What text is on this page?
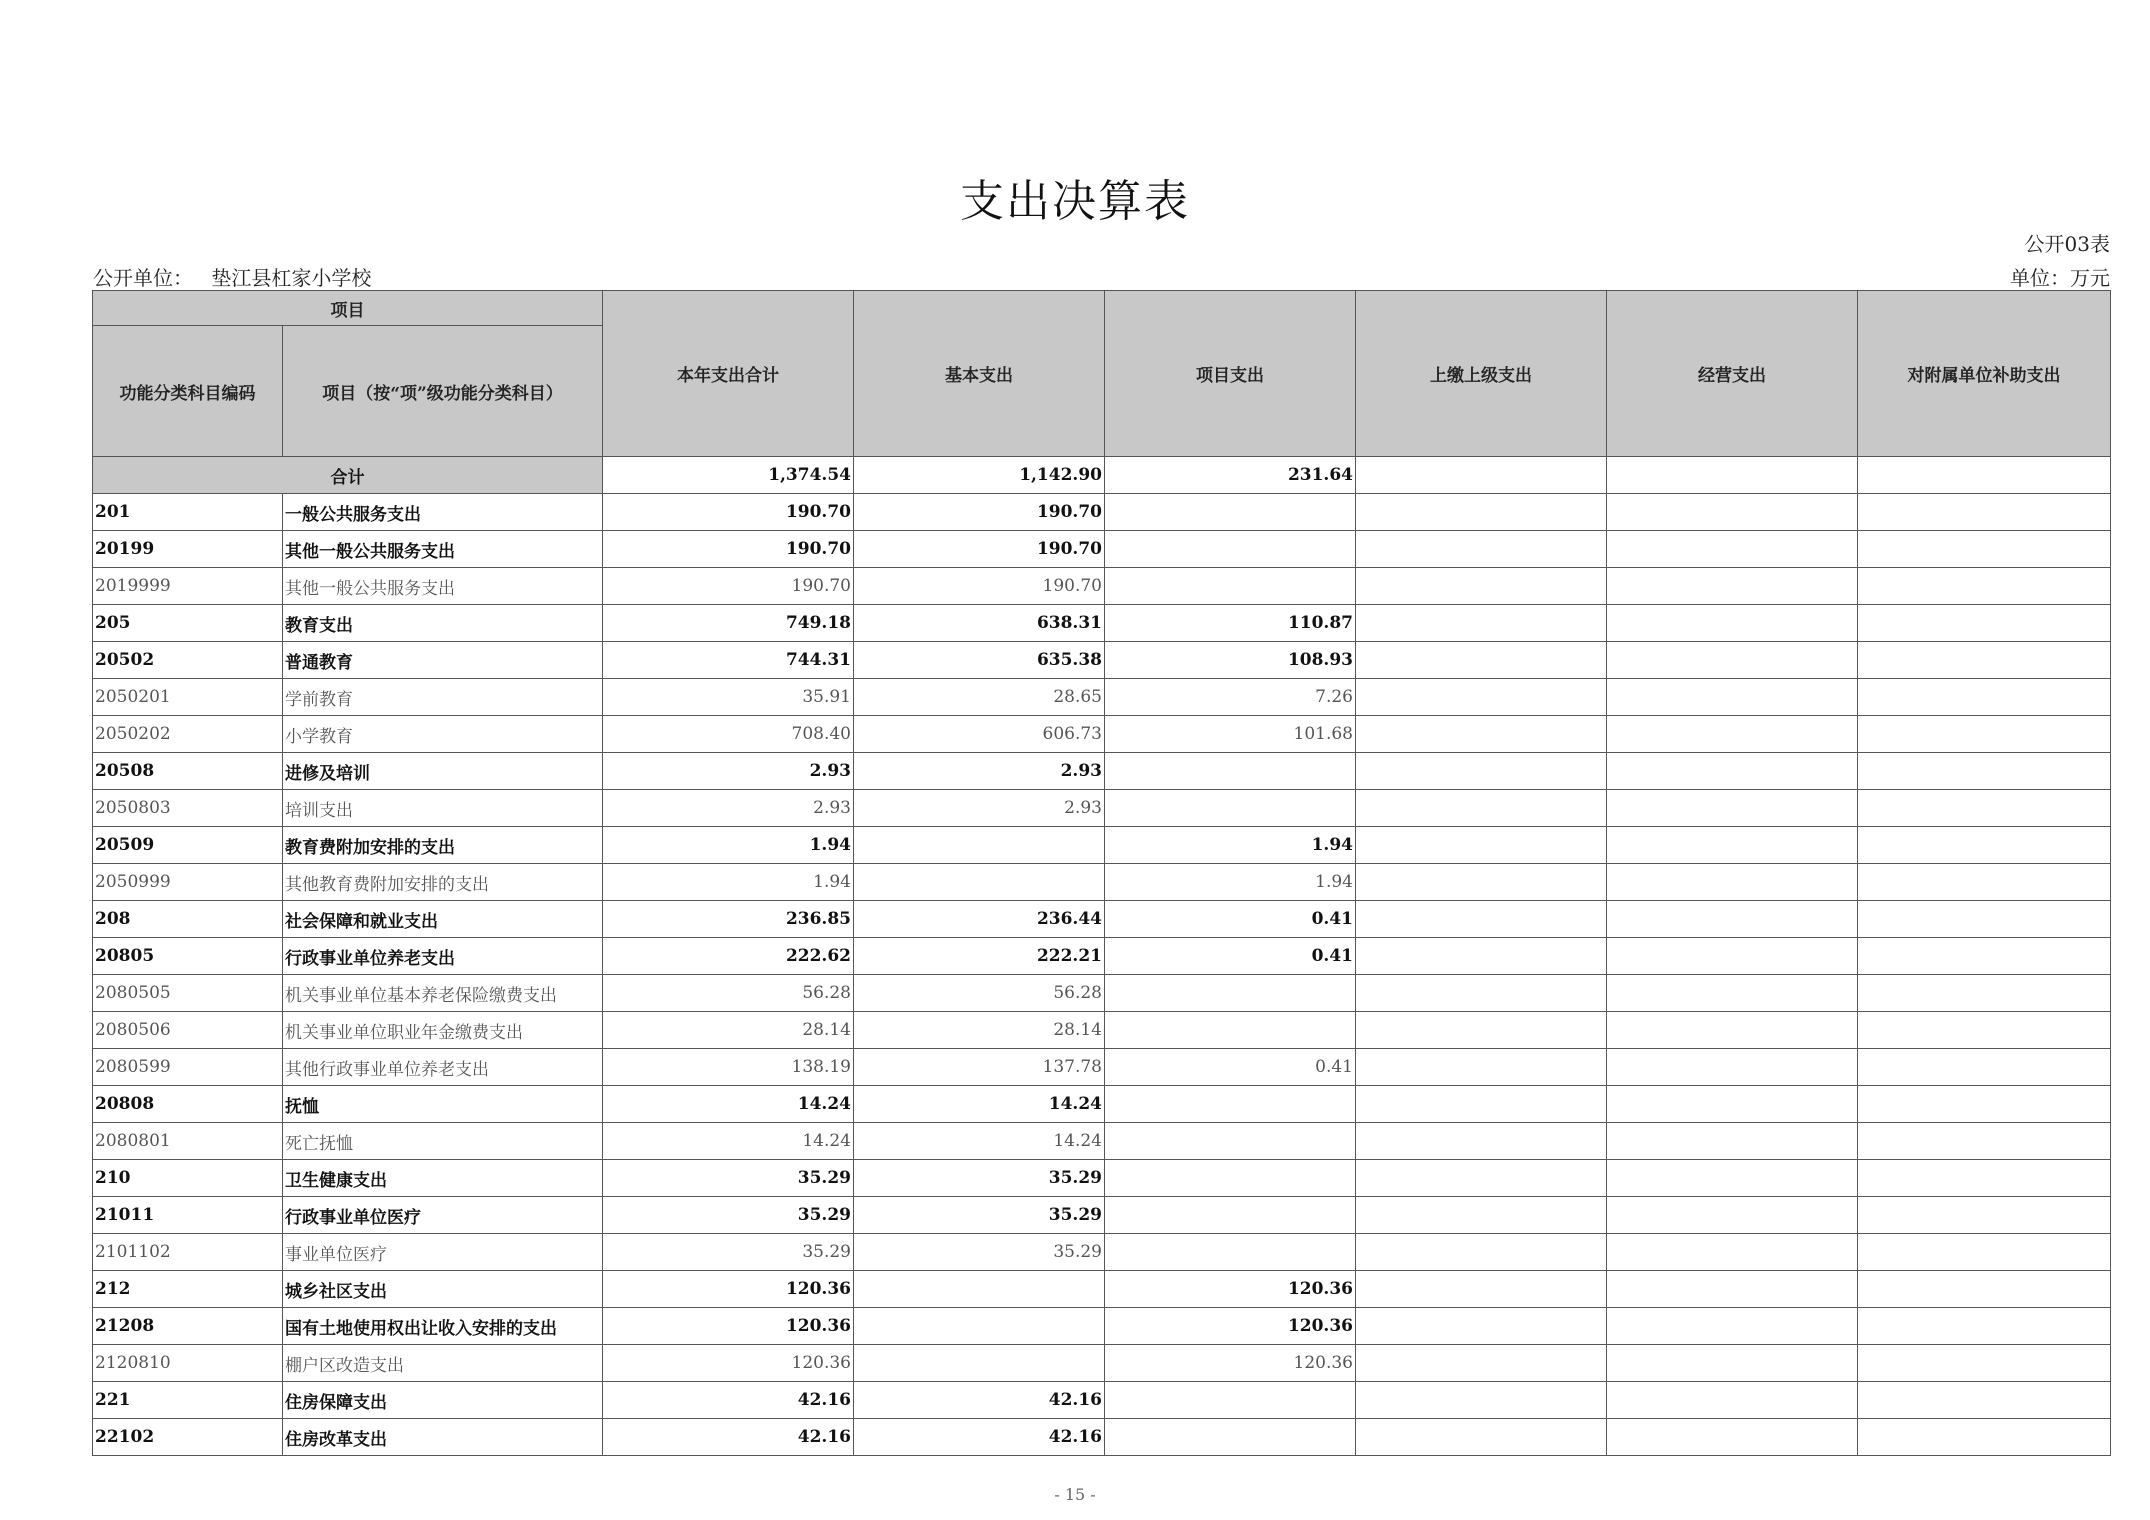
支出决算表
公开03表
公开单位： 垫江县杠家小学校	单位：万元
项目		本年支出合计	基本支出	项目支出	上缴上级支出	经营支出	对附属单位补助支出
功能分类科目编码	项目（按“项”级功能分类科目）						
合计		1,374.54	1,142.90	231.64			
201	一般公共服务支出	190.70	190.70				
20199	其他一般公共服务支出	190.70	190.70				
2019999	其他一般公共服务支出	190.70	190.70				
205	教育支出	749.18	638.31	110.87			
20502	普通教育	744.31	635.38	108.93			
2050201	学前教育	35.91	28.65	7.26			
2050202	小学教育	708.40	606.73	101.68			
20508	进修及培训	2.93	2.93				
2050803	培训支出	2.93	2.93				
20509	教育费附加安排的支出	1.94		1.94			
2050999	其他教育费附加安排的支出	1.94		1.94			
208	社会保障和就业支出	236.85	236.44	0.41			
20805	行政事业单位养老支出	222.62	222.21	0.41			
2080505	机关事业单位基本养老保险缴费支出	56.28	56.28				
2080506	机关事业单位职业年金缴费支出	28.14	28.14				
2080599	其他行政事业单位养老支出	138.19	137.78	0.41			
20808	抚恤	14.24	14.24				
2080801	死亡抚恤	14.24	14.24				
210	卫生健康支出	35.29	35.29				
21011	行政事业单位医疗	35.29	35.29				
2101102	事业单位医疗	35.29	35.29				
212	城乡社区支出	120.36		120.36			
21208	国有土地使用权出让收入安排的支出	120.36		120.36			
2120810	棚户区改造支出	120.36		120.36			
221	住房保障支出	42.16	42.16				
22102	住房改革支出	42.16	42.16				
- 15 -
